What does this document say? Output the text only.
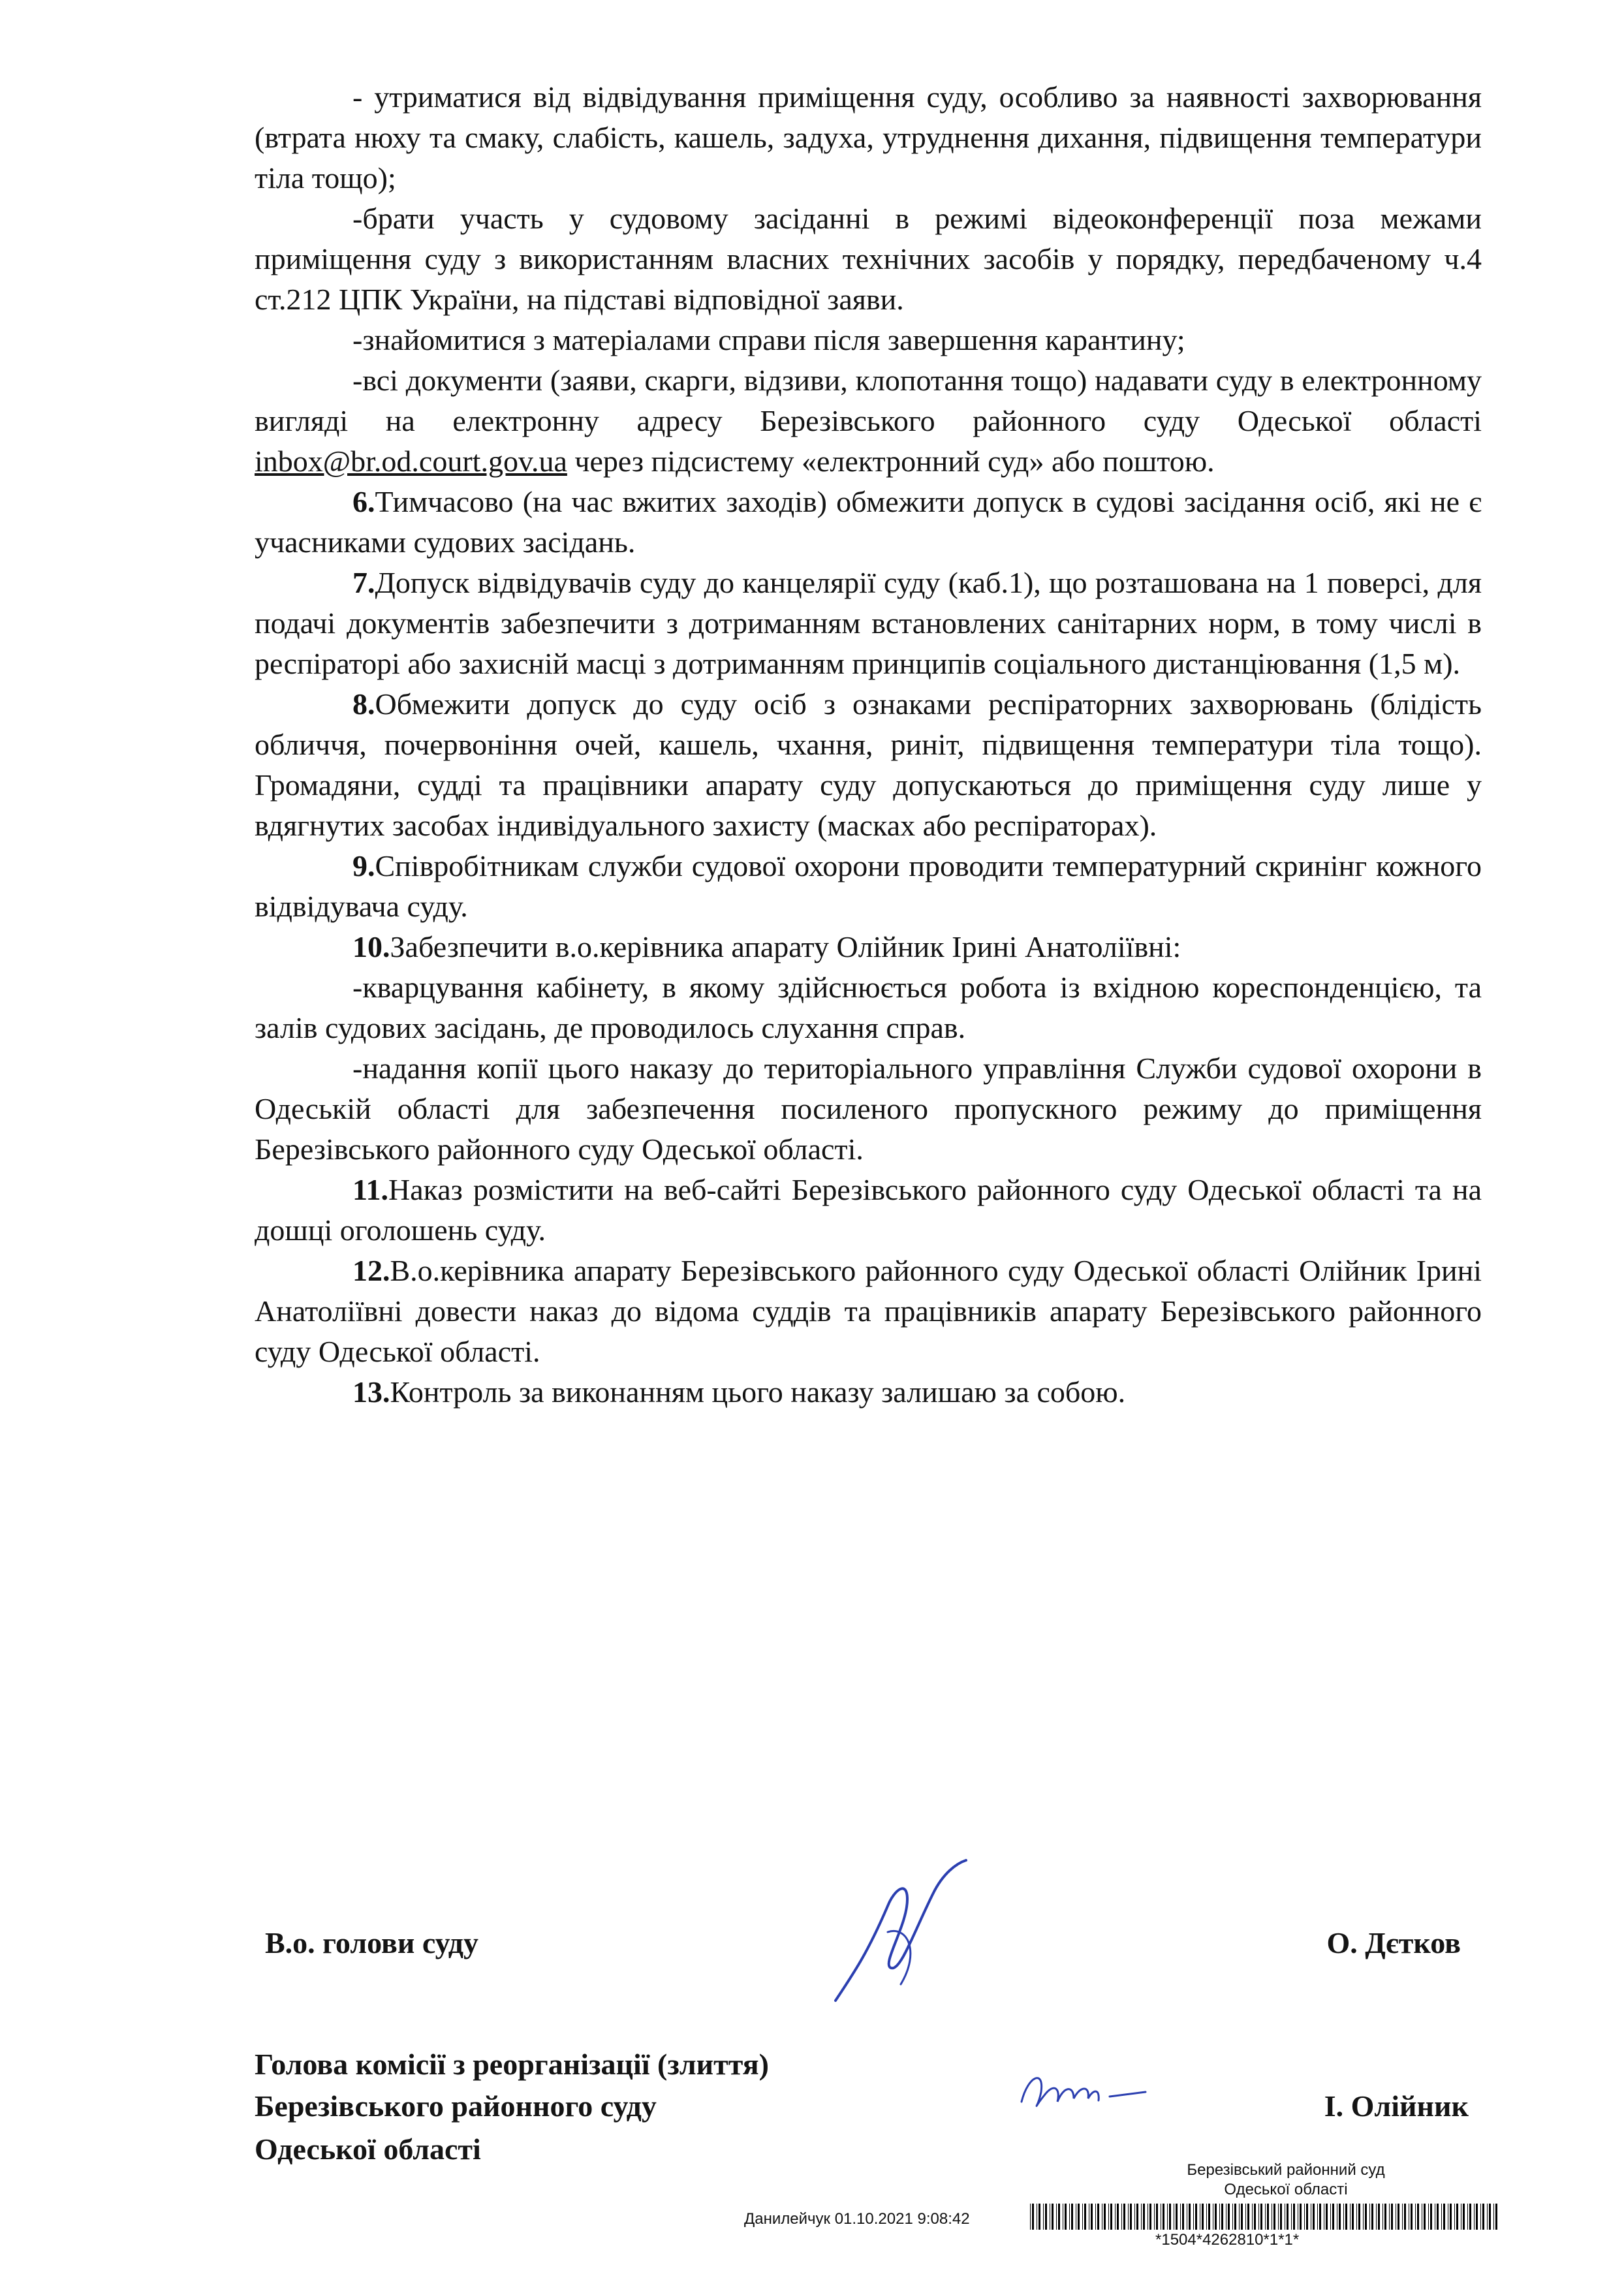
- утриматися від відвідування приміщення суду, особливо за наявності захворювання (втрата нюху та смаку, слабість, кашель, задуха, утруднення дихання, підвищення температури тіла тощо);

-брати участь у судовому засіданні в режимі відеоконференції поза межами приміщення суду з використанням власних технічних засобів у порядку, передбаченому ч.4 ст.212 ЦПК України, на підставі відповідної заяви.

-знайомитися з матеріалами справи після завершення карантину;

-всі документи (заяви, скарги, відзиви, клопотання тощо) надавати суду в електронному вигляді на електронну адресу Березівського районного суду Одеської області inbox@br.od.court.gov.ua через підсистему «електронний суд» або поштою.

6.Тимчасово (на час вжитих заходів) обмежити допуск в судові засідання осіб, які не є учасниками судових засідань.

7.Допуск відвідувачів суду до канцелярії суду (каб.1), що розташована на 1 поверсі, для подачі документів забезпечити з дотриманням встановлених санітарних норм, в тому числі в респіраторі або захисній масці з дотриманням принципів соціального дистанціювання (1,5 м).

8.Обмежити допуск до суду осіб з ознаками респіраторних захворювань (блідість обличчя, почервоніння очей, кашель, чхання, риніт, підвищення температури тіла тощо). Громадяни, судді та працівники апарату суду допускаються до приміщення суду лише у вдягнутих засобах індивідуального захисту (масках або респіраторах).

9.Співробітникам служби судової охорони проводити температурний скринінг кожного відвідувача суду.

10.Забезпечити в.о.керівника апарату Олійник Ірині Анатоліївні:

-кварцування кабінету, в якому здійснюється робота із вхідною кореспонденцією, та залів судових засідань, де проводилось слухання справ.

-надання копії цього наказу до територіального управління Служби судової охорони в Одеській області для забезпечення посиленого пропускного режиму до приміщення Березівського районного суду Одеської області.

11.Наказ розмістити на веб-сайті Березівського районного суду Одеської області та на дошці оголошень суду.

12.В.о.керівника апарату Березівського районного суду Одеської області Олійник Ірині Анатоліївні довести наказ до відома суддів та працівників апарату Березівського районного суду Одеської області.

13.Контроль за виконанням цього наказу залишаю за собою.

В.о. голови суду	О. Дєтков
Голова комісії з реорганізації (злиття)
Березівського районного суду	І. Олійник
Одеської області
Березівський районний суд
Одеської області
Данилейчук 01.10.2021 9:08:42
*1504*4262810*1*1*
